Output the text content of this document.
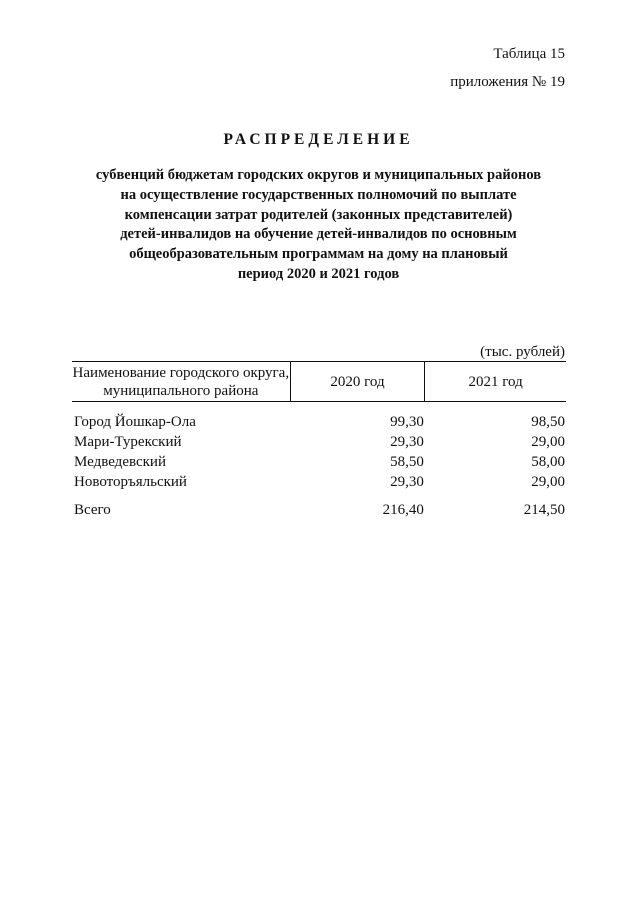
Таблица 15
приложения № 19
РАСПРЕДЕЛЕНИЕ
субвенций бюджетам городских округов и муниципальных районов
на осуществление государственных полномочий по выплате
компенсации затрат родителей (законных представителей)
детей-инвалидов на обучение детей-инвалидов по основным
общеобразовательным программам на дому на плановый
период 2020 и 2021 годов
(тыс. рублей)
Наименование городского округа, муниципального района	2020 год	2021 год

Город Йошкар-Ола	99,30	98,50
Мари-Турекский	29,30	29,00
Медведевский	58,50	58,00
Новоторъяльский	29,30	29,00

Всего	216,40	214,50
